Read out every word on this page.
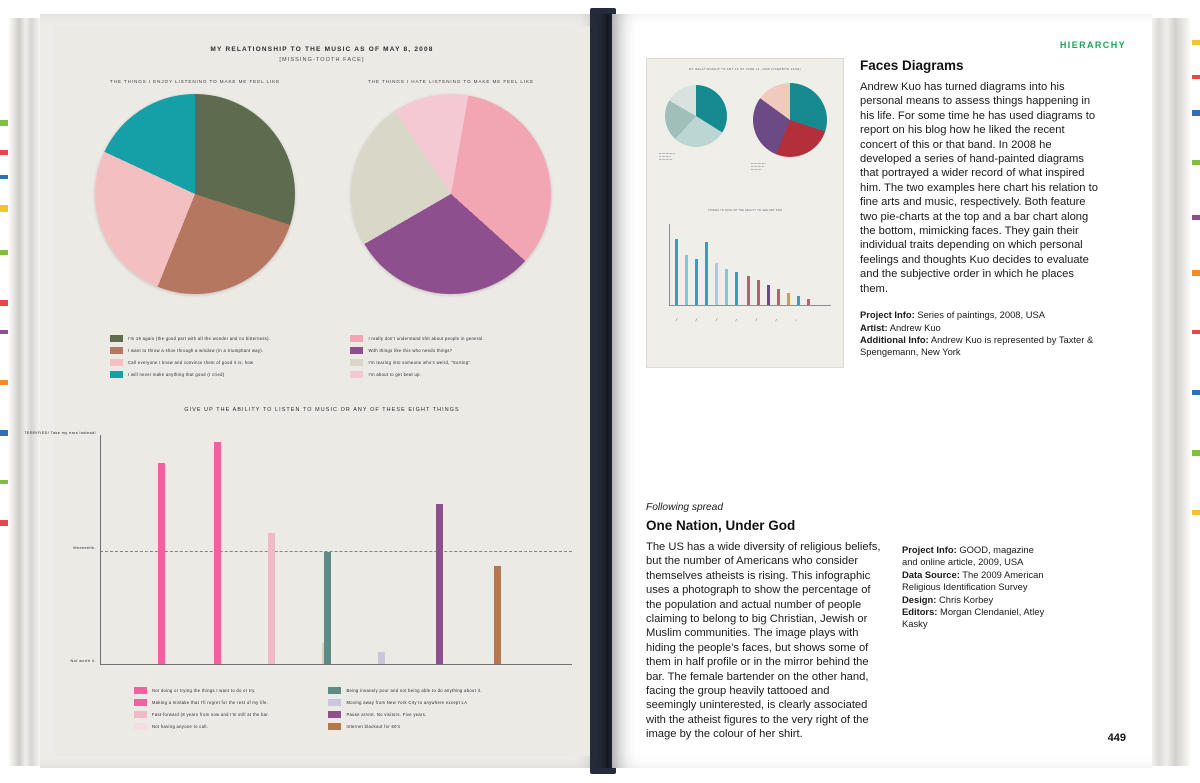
MY RELATIONSHIP TO THE MUSIC AS OF MAY 8, 2008
[MISSING-TOOTH FACE]
THE THINGS I ENJOY LISTENING TO MAKE ME FEEL LIKE	THE THINGS I HATE LISTENING TO MAKE ME FEEL LIKE
I'm 19 again (the good part with all the wonder and no bitterness).
I want to throw a shoe through a window (in a triumphant way).
Call everyone I know and convince them of good it is, how
I will never make anything that good (I cried)

I really don't understand shit about people in general.
With things like this who needs things?
I'm tearing into someone who's weird, "Sorting".
I'm about to get beat up.
GIVE UP THE ABILITY TO LISTEN TO MUSIC OR ANY OF THESE EIGHT THINGS
TERRIFIED! Take my ears instead!
Meeeeehh.
Not worth it.
Not doing or trying the things I want to do or try.
Making a mistake that I'll regret for the rest of my life.
Fast-forward (8 years from now and I'm still at the bar.
Not having anyone to call.

Being insanely poor and not being able to do anything about it.
Moving away from New York City to anywhere except LA
Pause arrest. No visitors. Five years.
Internet blackout for 60's
HIERARCHY
MY RELATIONSHIP TO ART AS OF JUNE 12, 2008 [OVERBITE FACE]
▪ ▪ ▪ ▪ ▪ ▪ ▪ ▪ ▪ ▪ ▪ ▪
▪ ▪ ▪ ▪ ▪ ▪ ▪ ▪ ▪
▪ ▪ ▪ ▪ ▪ ▪ ▪ ▪ ▪ ▪
▪ ▪ ▪ ▪ ▪ ▪ ▪ ▪ ▪ ▪ ▪
▪ ▪ ▪ ▪ ▪ ▪ ▪ ▪ ▪ ▪
▪ ▪ ▪ ▪ ▪ ▪ ▪ ▪
THINGS I'D GIVE UP THE ABILITY TO SEE ART FOR
▪▪▪▪▪▪	▪▪▪▪▪	▪▪▪▪▪▪	▪▪▪▪	▪▪▪▪▪	▪▪▪▪	▪▪▪
Faces Diagrams

Andrew Kuo has turned diagrams into his personal means to assess things happening in his life. For some time he has used diagrams to report on his blog how he liked the recent concert of this or that band. In 2008 he developed a series of hand-painted diagrams that portrayed a wider record of what inspired him. The two examples here chart his relation to fine arts and music, respectively. Both feature two pie-charts at the top and a bar chart along the bottom, mimicking faces. They gain their individual traits depending on which personal feelings and thoughts Kuo decides to evaluate and the subjective order in which he places them.

Project Info: Series of paintings, 2008, USA
Artist: Andrew Kuo
Additional Info: Andrew Kuo is represented by Taxter & Spengemann, New York
Following spread
One Nation, Under God

The US has a wide diversity of religious beliefs, but the number of Americans who consider themselves atheists is rising. This infographic uses a photograph to show the percentage of the population and actual number of people claiming to belong to big Christian, Jewish or Muslim communities. The image plays with hiding the people's faces, but shows some of them in half profile or in the mirror behind the bar. The female bartender on the other hand, facing the group heavily tattooed and seemingly uninterested, is clearly associated with the atheist figures to the very right of the image by the colour of her shirt.

Project Info: GOOD, magazine and online article, 2009, USA
Data Source: The 2009 American Religious Identification Survey
Design: Chris Korbey
Editors: Morgan Clendaniel, Atley Kasky
449
